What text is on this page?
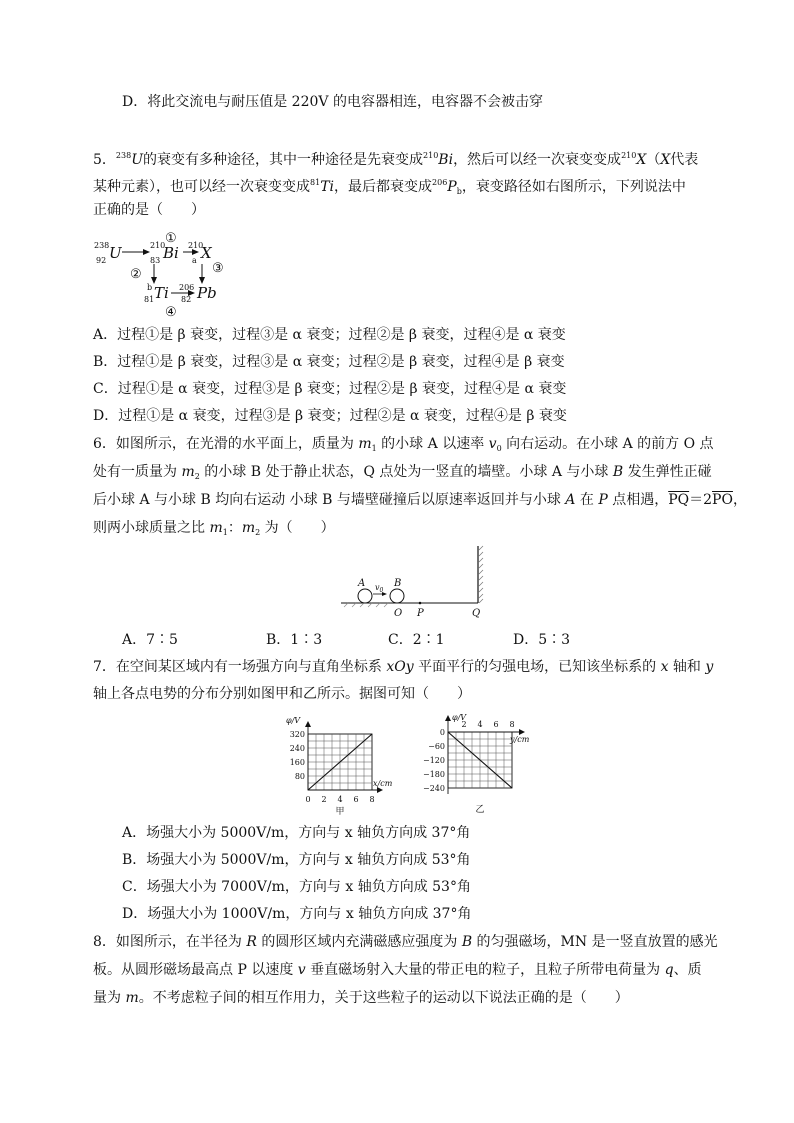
D．将此交流电与耐压值是 220V 的电容器相连，电容器不会被击穿
5．$^{238}$U的衰变有多种途径，其中一种途径是先衰变成$^{210}$Bi，然后可以经一次衰变变成$^{210}$X（X代表
某种元素），也可以经一次衰变变成$^{81}$Ti，最后都衰变成$^{206}P_b$，衰变路径如右图所示，下列说法中
正确的是（　　）
238
92
210
83
210
a
b
81
206
82
U	Bi X
Ti Pb
①
②	③
④
A．过程①是 β 衰变，过程③是 α 衰变；过程②是 β 衰变，过程④是 α 衰变
B．过程①是 β 衰变，过程③是 α 衰变；过程②是 β 衰变，过程④是 β 衰变
C．过程①是 α 衰变，过程③是 β 衰变；过程②是 β 衰变，过程④是 α 衰变
D．过程①是 α 衰变，过程③是 β 衰变；过程②是 α 衰变，过程④是 β 衰变
6．如图所示，在光滑的水平面上，质量为 $m_1$ 的小球 A 以速率 $v_0$ 向右运动。在小球 A 的前方 O 点
处有一质量为 $m_2$ 的小球 B 处于静止状态，Q 点处为一竖直的墙壁。小球 A 与小球 B 发生弹性正碰
后小球 A 与小球 B 均向右运动 小球 B 与墙壁碰撞后以原速率返回并与小球 A 在 P 点相遇，$\overline{PQ}=2\overline{PO}$，
则两小球质量之比 $m_1$：$m_2$ 为（　　）
A	B
$v_0$
O P	Q
A．7∶5	B．1∶3	C．2∶1	D．5∶3
7．在空间某区域内有一场强方向与直角坐标系 xOy 平面平行的匀强电场，已知该坐标系的 x 轴和 y
轴上各点电势的分布分别如图甲和乙所示。据图可知（　　）
0 2 4 6 8
320
240
160
80
φ/V
x/cm
甲
2 4 6 8
0
−60
−120
−180
−240
φ/V
y/cm
乙
A．场强大小为 5000V/m，方向与 x 轴负方向成 37°角
B．场强大小为 5000V/m，方向与 x 轴负方向成 53°角
C．场强大小为 7000V/m，方向与 x 轴负方向成 53°角
D．场强大小为 1000V/m，方向与 x 轴负方向成 37°角
8．如图所示，在半径为 R 的圆形区域内充满磁感应强度为 B 的匀强磁场，MN 是一竖直放置的感光
板。从圆形磁场最高点 P 以速度 v 垂直磁场射入大量的带正电的粒子，且粒子所带电荷量为 q、质
量为 m。不考虑粒子间的相互作用力，关于这些粒子的运动以下说法正确的是（　　）
